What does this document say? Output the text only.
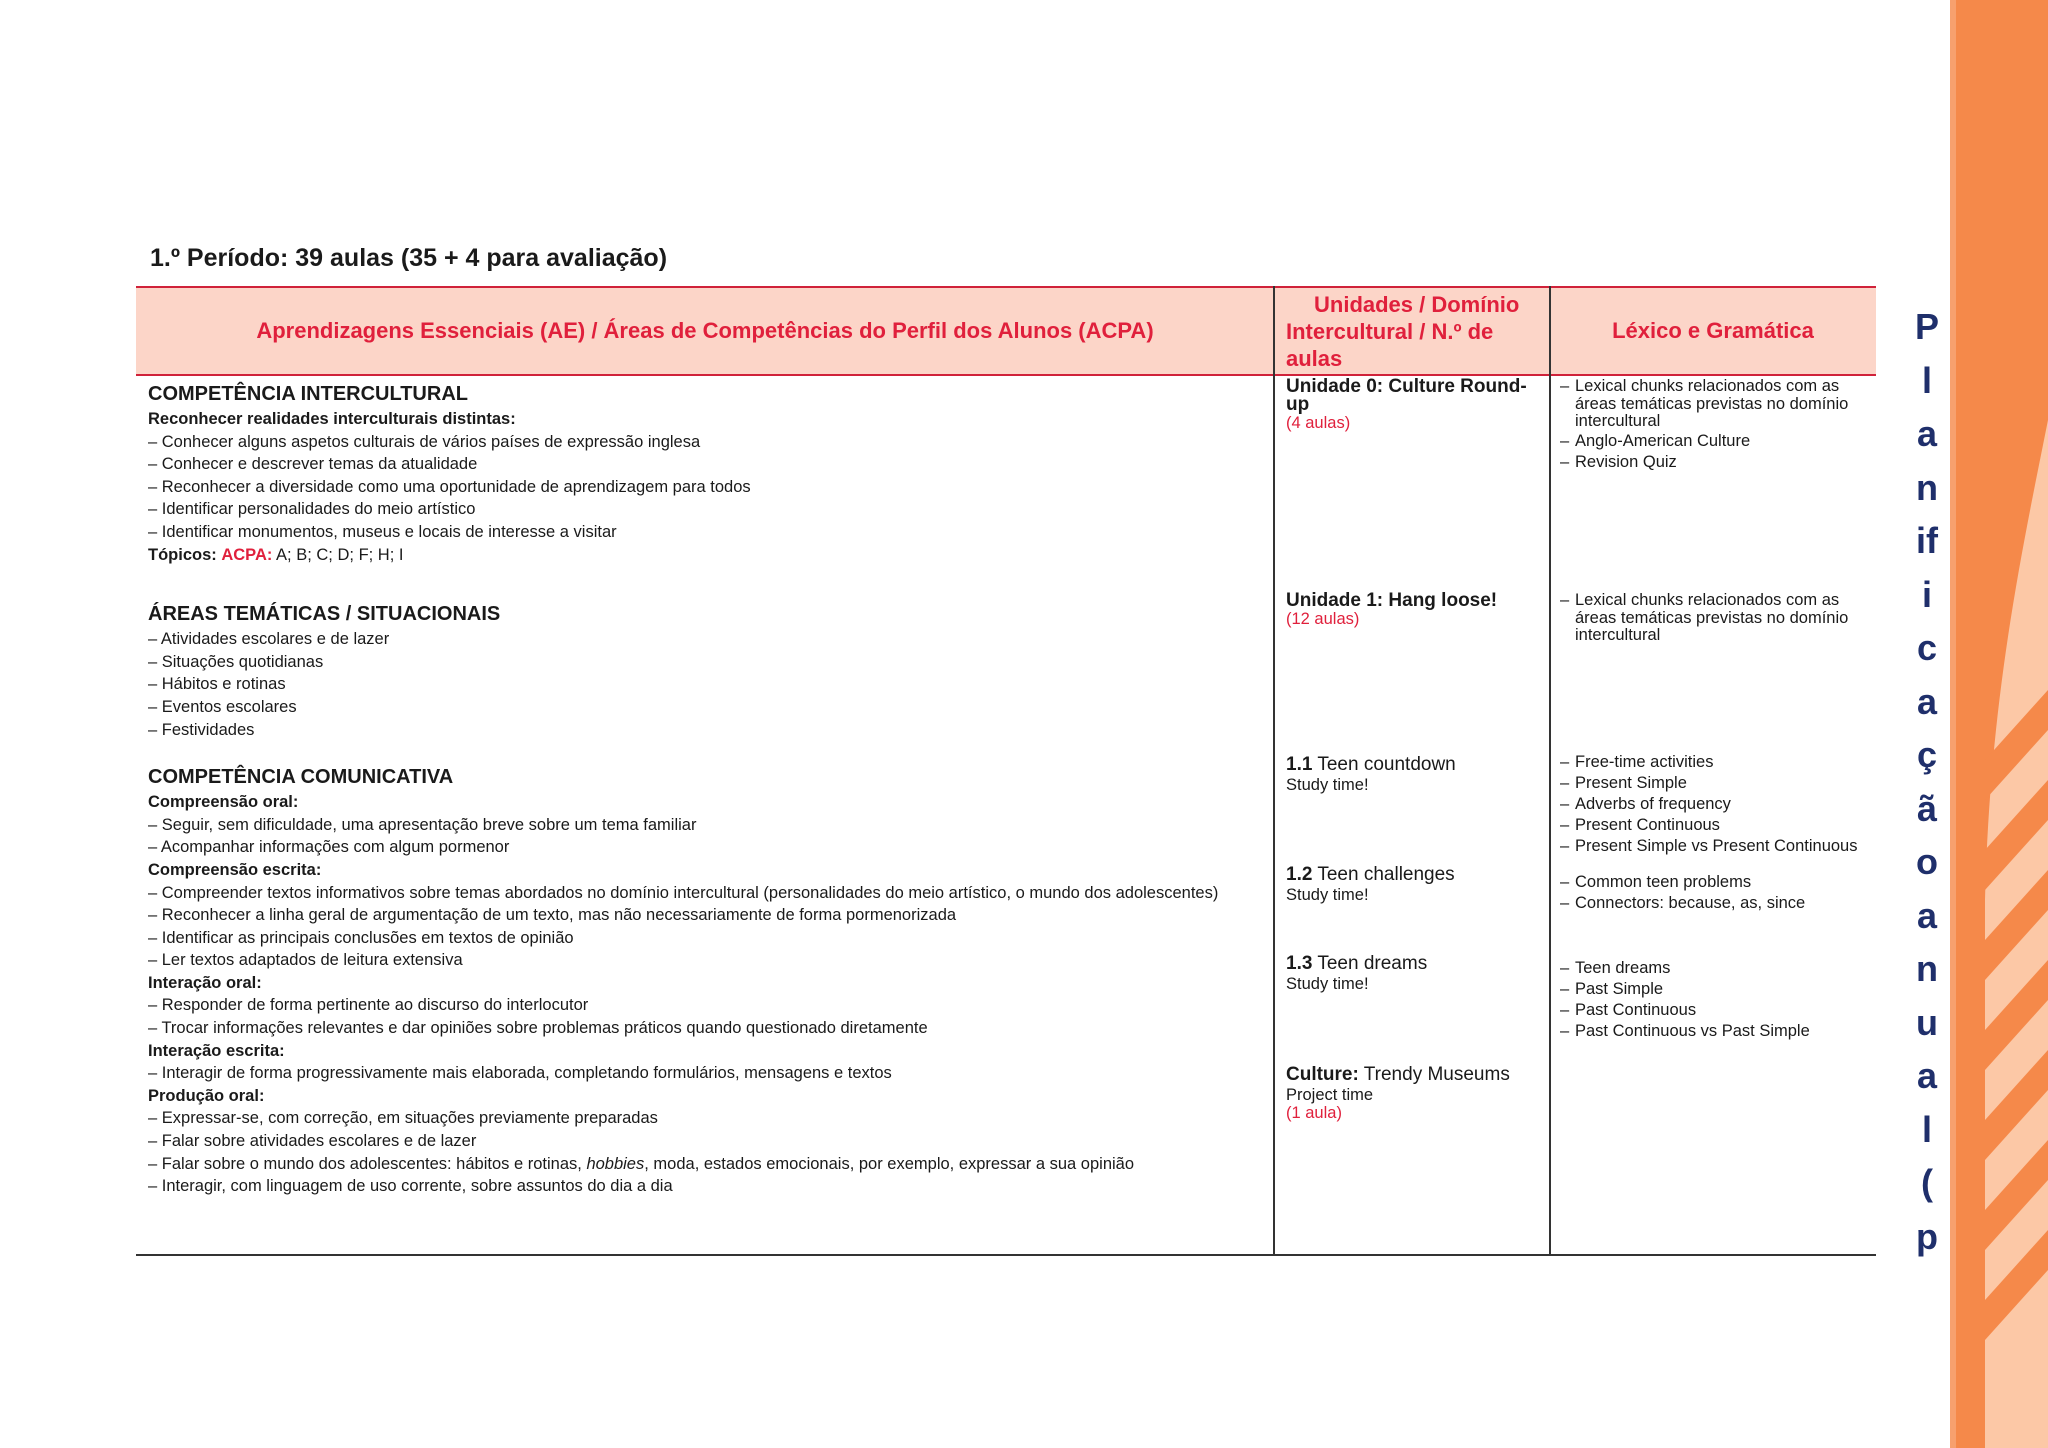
1.º Período: 39 aulas (35 + 4 para avaliação)
Aprendizagens Essenciais (AE) / Áreas de Competências do Perfil dos Alunos (ACPA)
Unidades / Domínio
Intercultural / N.º de
aulas
Léxico e Gramática
COMPETÊNCIA INTERCULTURAL
Reconhecer realidades interculturais distintas:
– Conhecer alguns aspetos culturais de vários países de expressão inglesa
– Conhecer e descrever temas da atualidade
– Reconhecer a diversidade como uma oportunidade de aprendizagem para todos
– Identificar personalidades do meio artístico
– Identificar monumentos, museus e locais de interesse a visitar
Tópicos: ACPA: A; B; C; D; F; H; I
ÁREAS TEMÁTICAS / SITUACIONAIS
– Atividades escolares e de lazer
– Situações quotidianas
– Hábitos e rotinas
– Eventos escolares
– Festividades
COMPETÊNCIA COMUNICATIVA
Compreensão oral:
– Seguir, sem dificuldade, uma apresentação breve sobre um tema familiar
– Acompanhar informações com algum pormenor
Compreensão escrita:
– Compreender textos informativos sobre temas abordados no domínio intercultural (personalidades do meio artístico, o mundo dos adolescentes)
– Reconhecer a linha geral de argumentação de um texto, mas não necessariamente de forma pormenorizada
– Identificar as principais conclusões em textos de opinião
– Ler textos adaptados de leitura extensiva
Interação oral:
– Responder de forma pertinente ao discurso do interlocutor
– Trocar informações relevantes e dar opiniões sobre problemas práticos quando questionado diretamente
Interação escrita:
– Interagir de forma progressivamente mais elaborada, completando formulários, mensagens e textos
Produção oral:
– Expressar-se, com correção, em situações previamente preparadas
– Falar sobre atividades escolares e de lazer
– Falar sobre o mundo dos adolescentes: hábitos e rotinas, hobbies, moda, estados emocionais, por exemplo, expressar a sua opinião
– Interagir, com linguagem de uso corrente, sobre assuntos do dia a dia
Unidade 0: Culture Round-
up
(4 aulas)
Unidade 1: Hang loose!
(12 aulas)
1.1 Teen countdown
Study time!
1.2 Teen challenges
Study time!
1.3 Teen dreams
Study time!
Culture: Trendy Museums
Project time
(1 aula)
– Lexical chunks relacionados com as áreas temáticas previstas no domínio intercultural
– Anglo-American Culture
– Revision Quiz
– Lexical chunks relacionados com as áreas temáticas previstas no domínio intercultural
– Free-time activities
– Present Simple
– Adverbs of frequency
– Present Continuous
– Present Simple vs Present Continuous
– Common teen problems
– Connectors: because, as, since
– Teen dreams
– Past Simple
– Past Continuous
– Past Continuous vs Past Simple
P
l
a
n
if
i
c
a
ç
ã
o
a
n
u
a
l
(
p
